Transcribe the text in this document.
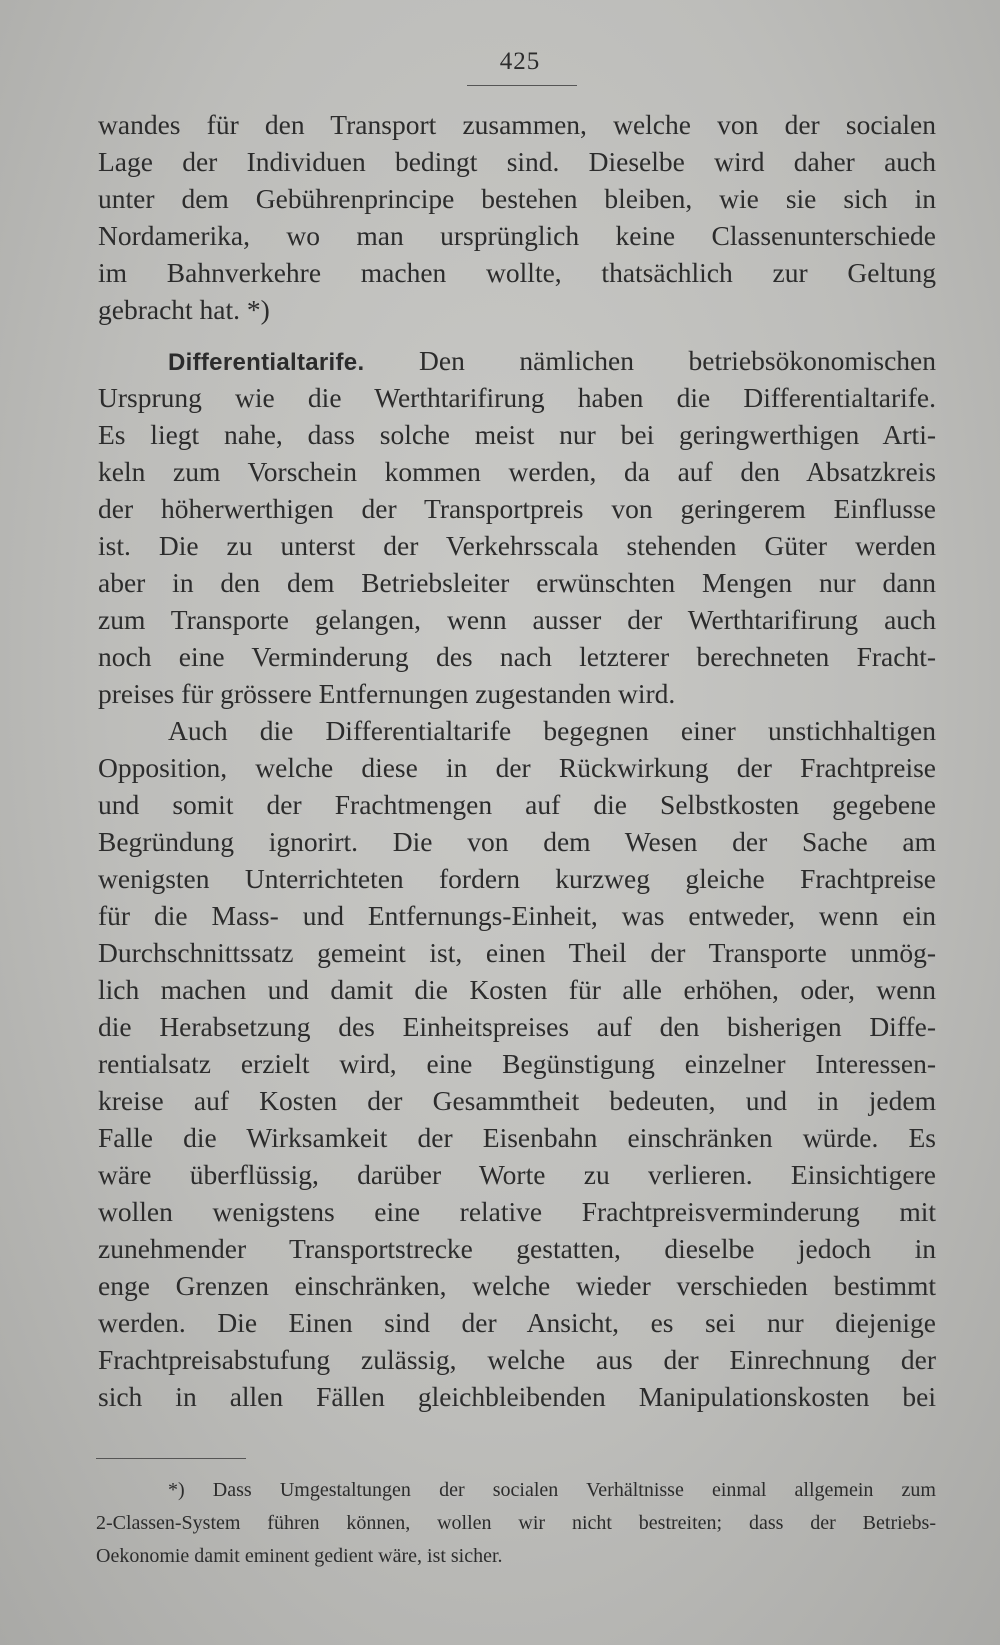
425
wandes für den Transport zusammen, welche von der socialen
Lage der Individuen bedingt sind. Dieselbe wird daher auch
unter dem Gebührenprincipe bestehen bleiben, wie sie sich in
Nordamerika, wo man ursprünglich keine Classenunterschiede
im Bahnverkehre machen wollte, thatsächlich zur Geltung
gebracht hat. *)
Differentialtarife. Den nämlichen betriebsökonomischen
Ursprung wie die Werthtarifirung haben die Differentialtarife.
Es liegt nahe, dass solche meist nur bei geringwerthigen Arti-
keln zum Vorschein kommen werden, da auf den Absatzkreis
der höherwerthigen der Transportpreis von geringerem Einflusse
ist. Die zu unterst der Verkehrsscala stehenden Güter werden
aber in den dem Betriebsleiter erwünschten Mengen nur dann
zum Transporte gelangen, wenn ausser der Werthtarifirung auch
noch eine Verminderung des nach letzterer berechneten Fracht-
preises für grössere Entfernungen zugestanden wird.
Auch die Differentialtarife begegnen einer unstichhaltigen
Opposition, welche diese in der Rückwirkung der Frachtpreise
und somit der Frachtmengen auf die Selbstkosten gegebene
Begründung ignorirt. Die von dem Wesen der Sache am
wenigsten Unterrichteten fordern kurzweg gleiche Frachtpreise
für die Mass- und Entfernungs-Einheit, was entweder, wenn ein
Durchschnittssatz gemeint ist, einen Theil der Transporte unmög-
lich machen und damit die Kosten für alle erhöhen, oder, wenn
die Herabsetzung des Einheitspreises auf den bisherigen Diffe-
rentialsatz erzielt wird, eine Begünstigung einzelner Interessen-
kreise auf Kosten der Gesammtheit bedeuten, und in jedem
Falle die Wirksamkeit der Eisenbahn einschränken würde. Es
wäre überflüssig, darüber Worte zu verlieren. Einsichtigere
wollen wenigstens eine relative Frachtpreisverminderung mit
zunehmender Transportstrecke gestatten, dieselbe jedoch in
enge Grenzen einschränken, welche wieder verschieden bestimmt
werden. Die Einen sind der Ansicht, es sei nur diejenige
Frachtpreisabstufung zulässig, welche aus der Einrechnung der
sich in allen Fällen gleichbleibenden Manipulationskosten bei
*) Dass Umgestaltungen der socialen Verhältnisse einmal allgemein zum
2-Classen-System führen können, wollen wir nicht bestreiten; dass der Betriebs-
Oekonomie damit eminent gedient wäre, ist sicher.
